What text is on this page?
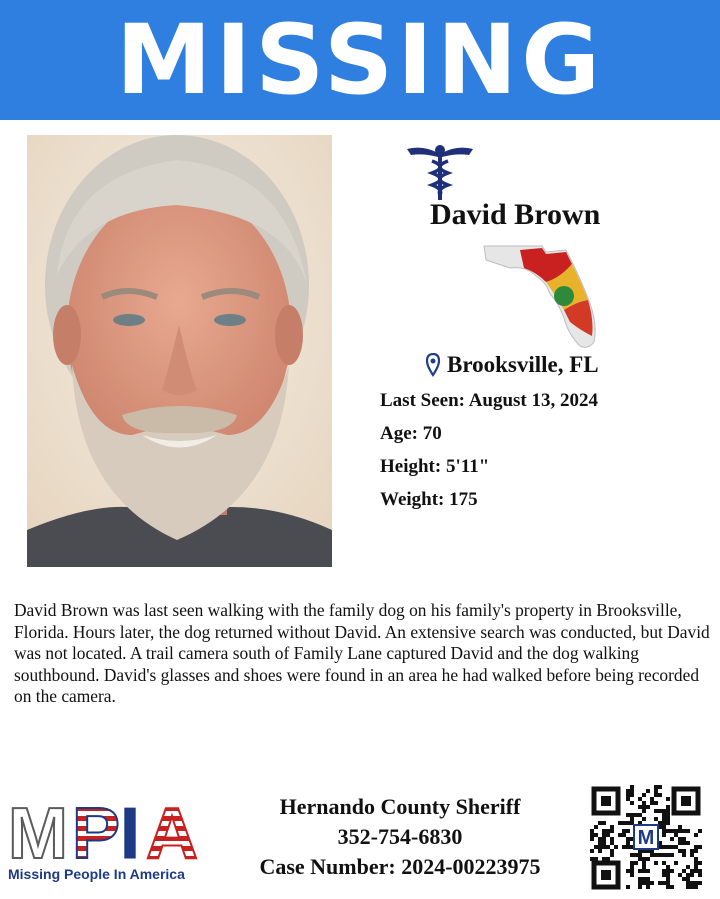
MISSING
David Brown
Brooksville, FL
Last Seen: August 13, 2024
Age: 70
Height: 5'11"
Weight: 175

David Brown was last seen walking with the family dog on his family's property in Brooksville, Florida. Hours later, the dog returned without David. An extensive search was conducted, but David was not located. A trail camera south of Family Lane captured David and the dog walking southbound. David's glasses and shoes were found in an area he had walked before being recorded on the camera.

M P I A
Missing People In America
Hernando County Sheriff
352-754-6830
Case Number: 2024-00223975
M
